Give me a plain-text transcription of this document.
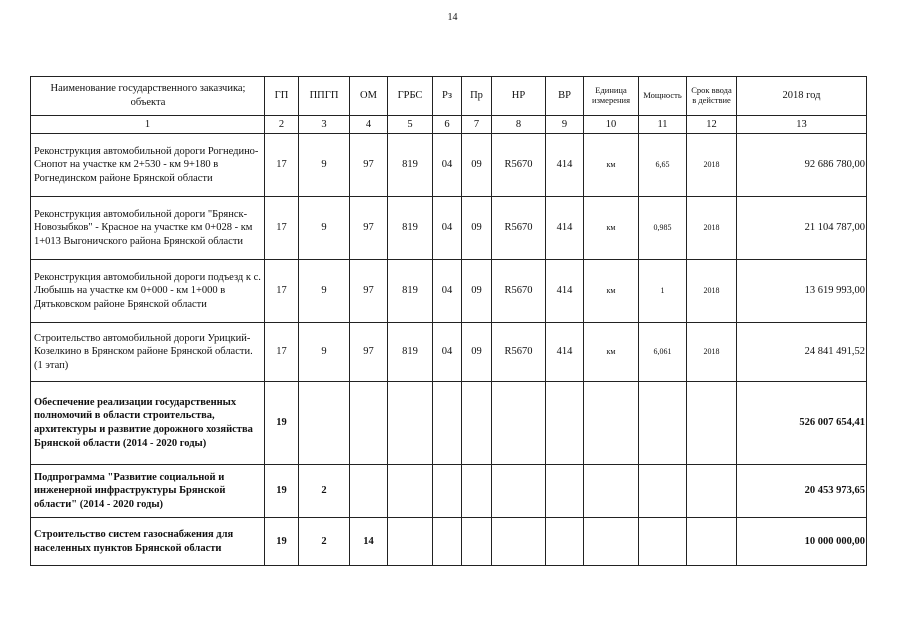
14
Наименование государственного заказчика; объекта	ГП	ППГП	ОМ	ГРБС	Рз	Пр	НР	ВР	Единица измерения	Мощность	Срок ввода в действие	2018 год
1	2	3	4	5	6	7	8	9	10	11	12	13
Реконструкция автомобильной дороги Рогнедино-Снопот на участке км 2+530 - км 9+180 в Рогнединском районе Брянской области	17	9	97	819	04	09	R5670	414	км	6,65	2018	92 686 780,00
Реконструкция автомобильной дороги "Брянск-Новозыбков" - Красное на участке км 0+028 - км 1+013 Выгоничского района Брянской области	17	9	97	819	04	09	R5670	414	км	0,985	2018	21 104 787,00
Реконструкция автомобильной дороги подъезд к с. Любышь на участке км 0+000 - км 1+000 в Дятьковском районе Брянской области	17	9	97	819	04	09	R5670	414	км	1	2018	13 619 993,00
Строительство автомобильной дороги Урицкий-Козелкино в Брянском районе Брянской области. (1 этап)	17	9	97	819	04	09	R5670	414	км	6,061	2018	24 841 491,52
Обеспечение реализации государственных полномочий в области строительства, архитектуры и развитие дорожного хозяйства Брянской области (2014 - 2020 годы)	19											526 007 654,41
Подпрограмма "Развитие социальной и инженерной инфраструктуры Брянской области" (2014 - 2020 годы)	19	2										20 453 973,65
Строительство систем газоснабжения для населенных пунктов Брянской области	19	2	14									10 000 000,00
